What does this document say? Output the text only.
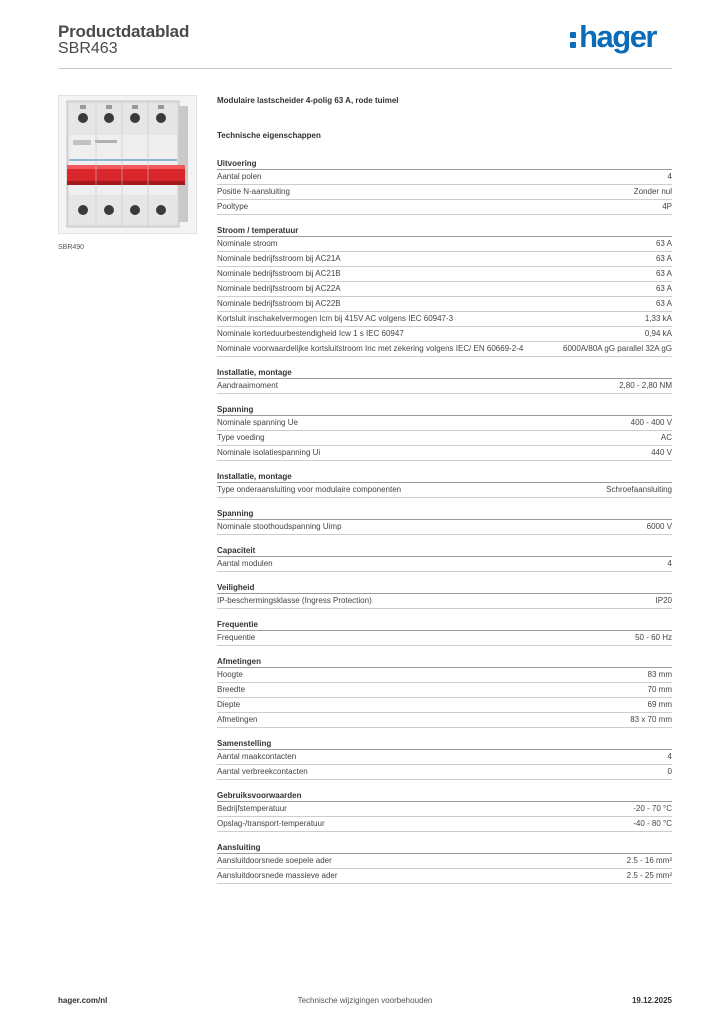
Productdatablad
SBR463	hager
SBR490
Modulaire lastscheider 4-polig 63 A, rode tuimel
Technische eigenschappen
Uitvoering
Aantal polen	4
Positie N-aansluiting	Zonder nul
Pooltype	4P
Stroom / temperatuur
Nominale stroom	63 A
Nominale bedrijfsstroom bij AC21A	63 A
Nominale bedrijfsstroom bij AC21B	63 A
Nominale bedrijfsstroom bij AC22A	63 A
Nominale bedrijfsstroom bij AC22B	63 A
Kortsluit inschakelvermogen Icm bij 415V AC volgens IEC 60947-3	1,33 kA
Nominale korteduurbestendigheid Icw 1 s IEC 60947	0,94 kA
Nominale voorwaardelijke kortsluitstroom Inc met zekering volgens IEC/ EN 60669-2-4	6000A/80A gG parallel 32A gG
Installatie, montage
Aandraaimoment	2,80 - 2,80 NM
Spanning
Nominale spanning Ue	400 - 400 V
Type voeding	AC
Nominale isolatiespanning Ui	440 V
Installatie, montage
Type onderaansluiting voor modulaire componenten	Schroefaansluiting
Spanning
Nominale stoothoudspanning Uimp	6000 V
Capaciteit
Aantal modulen	4
Veiligheid
IP-beschermingsklasse (Ingress Protection)	IP20
Frequentie
Frequentie	50 - 60 Hz
Afmetingen
Hoogte	83 mm
Breedte	70 mm
Diepte	69 mm
Afmetingen	83 x 70 mm
Samenstelling
Aantal maakcontacten	4
Aantal verbreekcontacten	0
Gebruiksvoorwaarden
Bedrijfstemperatuur	-20 - 70 °C
Opslag-/transport-temperatuur	-40 - 80 °C
Aansluiting
Aansluitdoorsnede soepele ader	2.5 - 16 mm²
Aansluitdoorsnede massieve ader	2.5 - 25 mm²
hager.com/nl	Technische wijzigingen voorbehouden	19.12.2025
